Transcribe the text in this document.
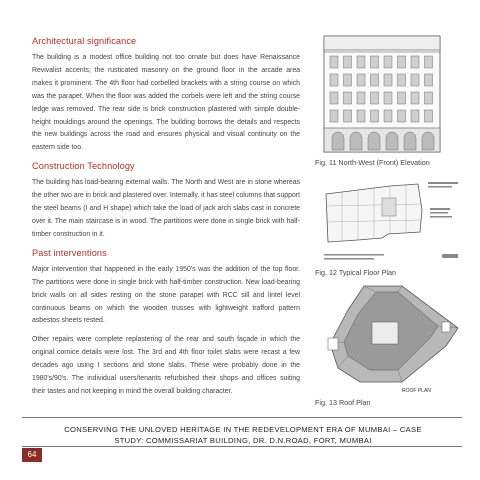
Architectural significance

The building is a modest office building not too ornate but does have Renaissance Revivalist accents; the rusticated masonry on the ground floor in the arcade area makes it prominent. The 4th floor had corbelled brackets with a string course on which was the parapet. When the floor was added the corbels were left and the string course ledge was removed. The rear side is brick construction plastered with simple double-height mouldings around the openings. The building borrows the details and respects the new buildings across the road and ensures physical and visual continuity on the eastern side too.

Construction Technology

The building has load-bearing external walls. The North and West are in stone whereas the other two are in brick and plastered over. Internally, it has steel columns that support the steel beams (I and H shape) which take the load of jack arch slabs cast in concrete over it. The main staircase is in wood. The partitions were done in single brick with half-timber construction in it.

Past interventions

Major intervention that happened in the early 1950's was the addition of the top floor. The partitions were done in single brick with half-timber construction. New load-bearing brick walls on all sides resting on the stone parapet with RCC sill and lintel level continuous beams on which the wooden trusses with lightweight trafford pattern asbestos sheets rested.

Other repairs were complete replastering of the rear and south façade in which the original cornice details were lost. The 3rd and 4th floor toilet slabs were recast a few decades ago using I sections and stone slabs. These were probably done in the 1980's/90's. The individual users/tenants refurbished their shops and offices suiting their tastes and not keeping in mind the overall building character.

Fig. 11 North-West (Front) Elevation
Fig. 12 Typical Floor Plan
ROOF PLAN
Fig. 13 Roof Plan
CONSERVING THE UNLOVED HERITAGE IN THE REDEVELOPMENT ERA OF MUMBAI – CASE
STUDY: COMMISSARIAT BUILDING, DR. D.N.ROAD, FORT, MUMBAI
64
